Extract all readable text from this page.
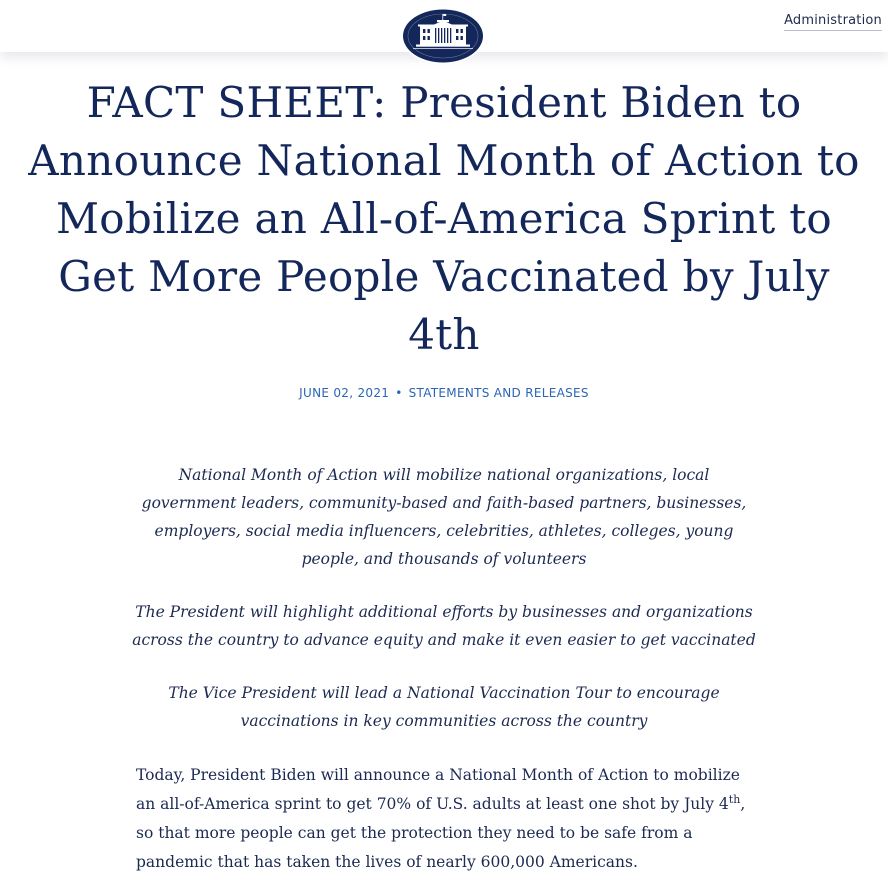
Administration
FACT SHEET: President Biden to Announce National Month of Action to Mobilize an All-of-America Sprint to Get More People Vaccinated by July 4th
JUNE 02, 2021 • STATEMENTS AND RELEASES

National Month of Action will mobilize national organizations, local government leaders, community-based and faith-based partners, businesses, employers, social media influencers, celebrities, athletes, colleges, young people, and thousands of volunteers

The President will highlight additional efforts by businesses and organizations across the country to advance equity and make it even easier to get vaccinated

The Vice President will lead a National Vaccination Tour to encourage vaccinations in key communities across the country

Today, President Biden will announce a National Month of Action to mobilize an all-of-America sprint to get 70% of U.S. adults at least one shot by July 4th, so that more people can get the protection they need to be safe from a pandemic that has taken the lives of nearly 600,000 Americans.
